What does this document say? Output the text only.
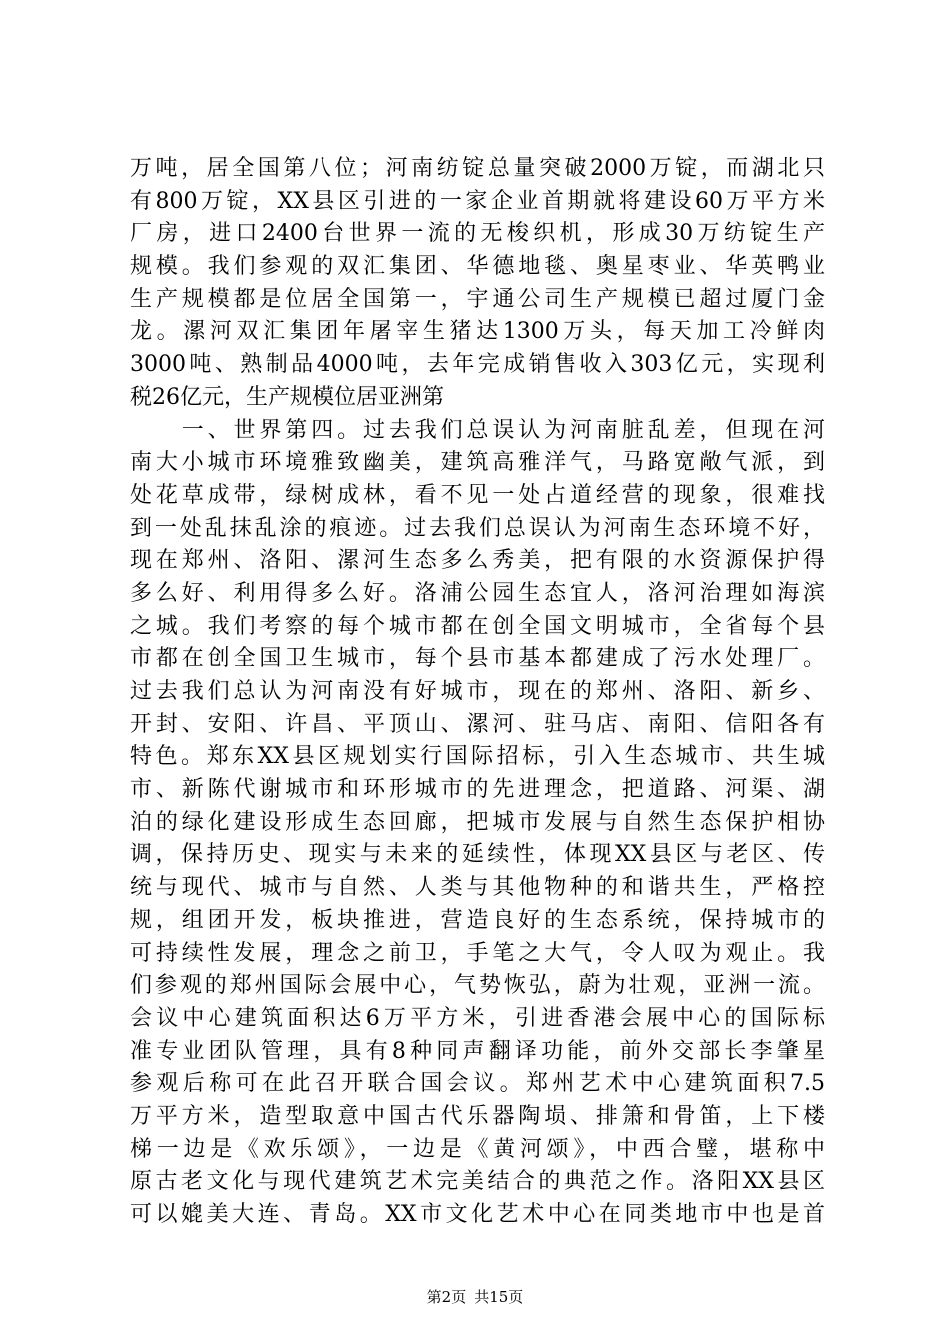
万吨，居全国第八位；河南纺锭总量突破2000万锭，而湖北只
有800万锭，XX县区引进的一家企业首期就将建设60万平方米
厂房，进口2400台世界一流的无梭织机，形成30万纺锭生产
规模。我们参观的双汇集团、华德地毯、奥星枣业、华英鸭业
生产规模都是位居全国第一，宇通公司生产规模已超过厦门金
龙。漯河双汇集团年屠宰生猪达1300万头，每天加工冷鲜肉
3000吨、熟制品4000吨，去年完成销售收入303亿元，实现利
税26亿元，生产规模位居亚洲第
　　一、世界第四。过去我们总误认为河南脏乱差，但现在河
南大小城市环境雅致幽美，建筑高雅洋气，马路宽敞气派，到
处花草成带，绿树成林，看不见一处占道经营的现象，很难找
到一处乱抹乱涂的痕迹。过去我们总误认为河南生态环境不好，
现在郑州、洛阳、漯河生态多么秀美，把有限的水资源保护得
多么好、利用得多么好。洛浦公园生态宜人，洛河治理如海滨
之城。我们考察的每个城市都在创全国文明城市，全省每个县
市都在创全国卫生城市，每个县市基本都建成了污水处理厂。
过去我们总认为河南没有好城市，现在的郑州、洛阳、新乡、
开封、安阳、许昌、平顶山、漯河、驻马店、南阳、信阳各有
特色。郑东XX县区规划实行国际招标，引入生态城市、共生城
市、新陈代谢城市和环形城市的先进理念，把道路、河渠、湖
泊的绿化建设形成生态回廊，把城市发展与自然生态保护相协
调，保持历史、现实与未来的延续性，体现XX县区与老区、传
统与现代、城市与自然、人类与其他物种的和谐共生，严格控
规，组团开发，板块推进，营造良好的生态系统，保持城市的
可持续性发展，理念之前卫，手笔之大气，令人叹为观止。我
们参观的郑州国际会展中心，气势恢弘，蔚为壮观，亚洲一流。
会议中心建筑面积达6万平方米，引进香港会展中心的国际标
准专业团队管理，具有8种同声翻译功能，前外交部长李肇星
参观后称可在此召开联合国会议。郑州艺术中心建筑面积7.5
万平方米，造型取意中国古代乐器陶埙、排箫和骨笛，上下楼
梯一边是《欢乐颂》，一边是《黄河颂》，中西合璧，堪称中
原古老文化与现代建筑艺术完美结合的典范之作。洛阳XX县区
可以媲美大连、青岛。XX市文化艺术中心在同类地市中也是首
第2页 共15页
